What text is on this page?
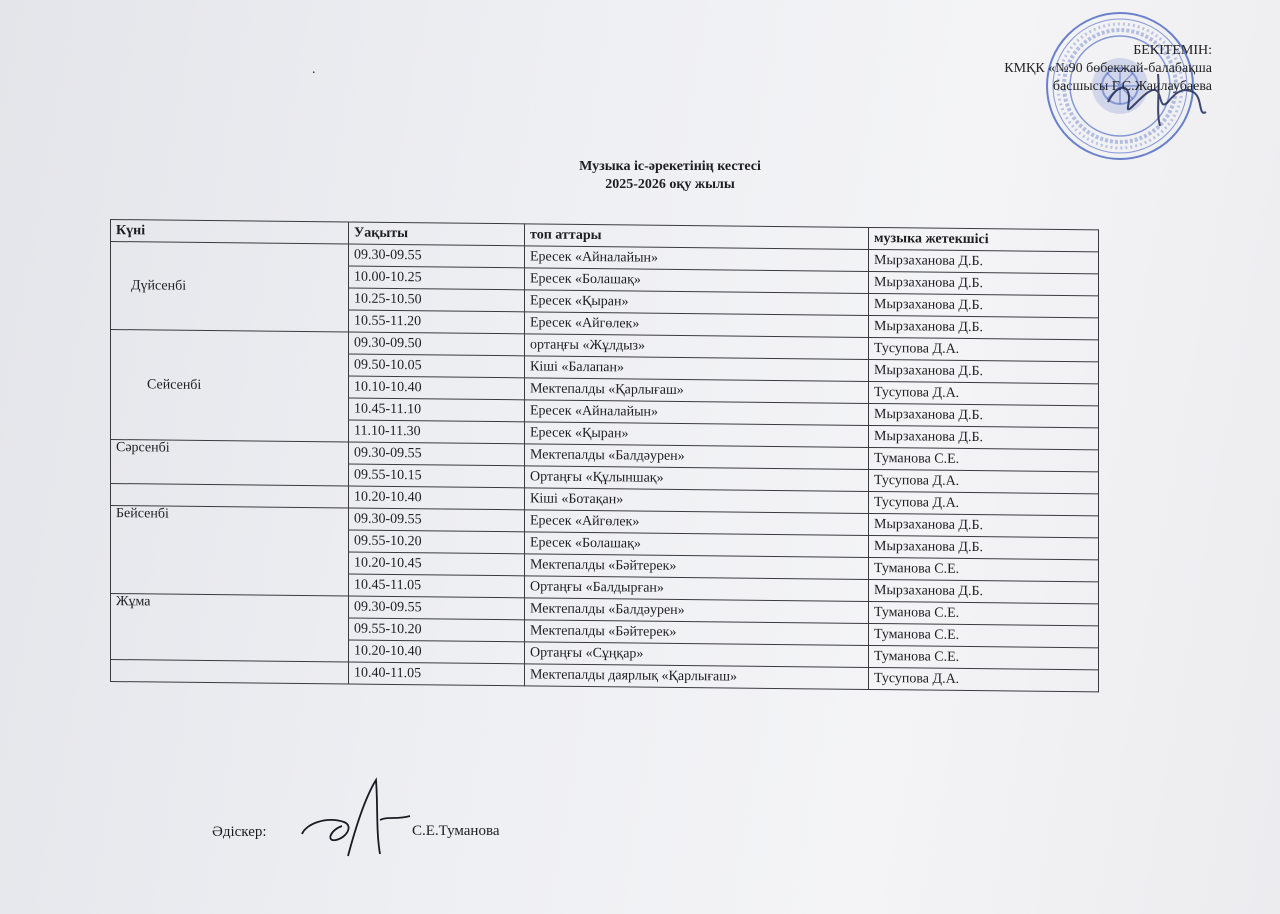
.
БЕКІТЕМІН:
КМҚК «№90 бөбекжай-балабақша
басшысы Г.С.Жаилаубаева
Музыка іс-әрекетінің кестесі
2025-2026 оқу жылы
Күні	Уақыты	топ аттары	музыка жетекшісі
Дүйсенбі	09.30-09.55	Ересек «Айналайын»	Мырзаханова Д.Б.
	10.00-10.25	Ересек «Болашақ»	Мырзаханова Д.Б.
	10.25-10.50	Ересек «Қыран»	Мырзаханова Д.Б.
	10.55-11.20	Ересек «Айгөлек»	Мырзаханова Д.Б.
Сейсенбі	09.30-09.50	ортаңғы «Жұлдыз»	Тусупова Д.А.
	09.50-10.05	Кіші «Балапан»	Мырзаханова Д.Б.
	10.10-10.40	Мектепалды «Қарлығаш»	Тусупова Д.А.
	10.45-11.10	Ересек «Айналайын»	Мырзаханова Д.Б.
	11.10-11.30	Ересек «Қыран»	Мырзаханова Д.Б.
Сәрсенбі	09.30-09.55	Мектепалды «Балдәурен»	Туманова С.Е.
	09.55-10.15	Ортаңғы «Құлыншақ»	Тусупова Д.А.
	10.20-10.40	Кіші «Ботақан»	Тусупова Д.А.
Бейсенбі	09.30-09.55	Ересек «Айгөлек»	Мырзаханова Д.Б.
	09.55-10.20	Ересек «Болашақ»	Мырзаханова Д.Б.
	10.20-10.45	Мектепалды «Бәйтерек»	Туманова С.Е.
	10.45-11.05	Ортаңғы «Балдырған»	Мырзаханова Д.Б.
Жұма	09.30-09.55	Мектепалды «Балдәурен»	Туманова С.Е.
	09.55-10.20	Мектепалды «Бәйтерек»	Туманова С.Е.
	10.20-10.40	Ортаңғы «Сұңқар»	Туманова С.Е.
	10.40-11.05	Мектепалды даярлық «Қарлығаш»	Тусупова Д.А.
Әдіскер:	С.Е.Туманова
